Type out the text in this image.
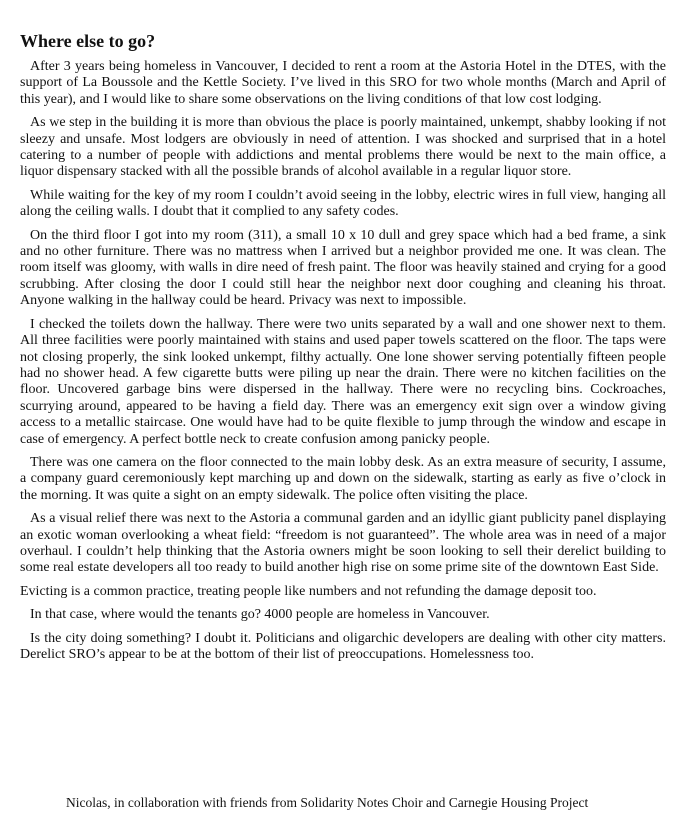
Where else to go?

After 3 years being homeless in Vancouver, I decided to rent a room at the Astoria Hotel in the DTES, with the support of La Boussole and the Kettle Society. I’ve lived in this SRO for two whole months (March and April of this year), and I would like to share some observations on the living conditions of that low cost lodging.

As we step in the building it is more than obvious the place is poorly maintained, unkempt, shabby looking if not sleezy and unsafe. Most lodgers are obviously in need of attention. I was shocked and surprised that in a hotel catering to a number of people with addictions and mental problems there would be next to the main office, a liquor dispensary stacked with all the possible brands of alcohol available in a regular liquor store.

While waiting for the key of my room I couldn’t avoid seeing in the lobby, electric wires in full view, hanging all along the ceiling walls. I doubt that it complied to any safety codes.

On the third floor I got into my room (311), a small 10 x 10 dull and grey space which had a bed frame, a sink and no other furniture. There was no mattress when I arrived but a neighbor provided me one. It was clean. The room itself was gloomy, with walls in dire need of fresh paint. The floor was heavily stained and crying for a good scrubbing. After closing the door I could still hear the neighbor next door coughing and cleaning his throat. Anyone walking in the hallway could be heard. Privacy was next to impossible.

I checked the toilets down the hallway. There were two units separated by a wall and one shower next to them. All three facilities were poorly maintained with stains and used paper towels scattered on the floor. The taps were not closing properly, the sink looked unkempt, filthy actually. One lone shower serving potentially fifteen people had no shower head. A few cigarette butts were piling up near the drain. There were no kitchen facilities on the floor. Uncovered garbage bins were dispersed in the hallway. There were no recycling bins. Cockroaches, scurrying around, appeared to be having a field day. There was an emergency exit sign over a window giving access to a metallic staircase. One would have had to be quite flexible to jump through the window and escape in case of emergency. A perfect bottle neck to create confusion among panicky people.

There was one camera on the floor connected to the main lobby desk. As an extra measure of security, I assume, a company guard ceremoniously kept marching up and down on the sidewalk, starting as early as five o’clock in the morning. It was quite a sight on an empty sidewalk. The police often visiting the place.

As a visual relief there was next to the Astoria a communal garden and an idyllic giant publicity panel displaying an exotic woman overlooking a wheat field: “freedom is not guaranteed”. The whole area was in need of a major overhaul. I couldn’t help thinking that the Astoria owners might be soon looking to sell their derelict building to some real estate developers all too ready to build another high rise on some prime site of the downtown East Side.

Evicting is a common practice, treating people like numbers and not refunding the damage deposit too.

In that case, where would the tenants go? 4000 people are homeless in Vancouver.

Is the city doing something? I doubt it. Politicians and oligarchic developers are dealing with other city matters. Derelict SRO’s appear to be at the bottom of their list of preoccupations. Homelessness too.

Nicolas, in collaboration with friends from Solidarity Notes Choir and Carnegie Housing Project
